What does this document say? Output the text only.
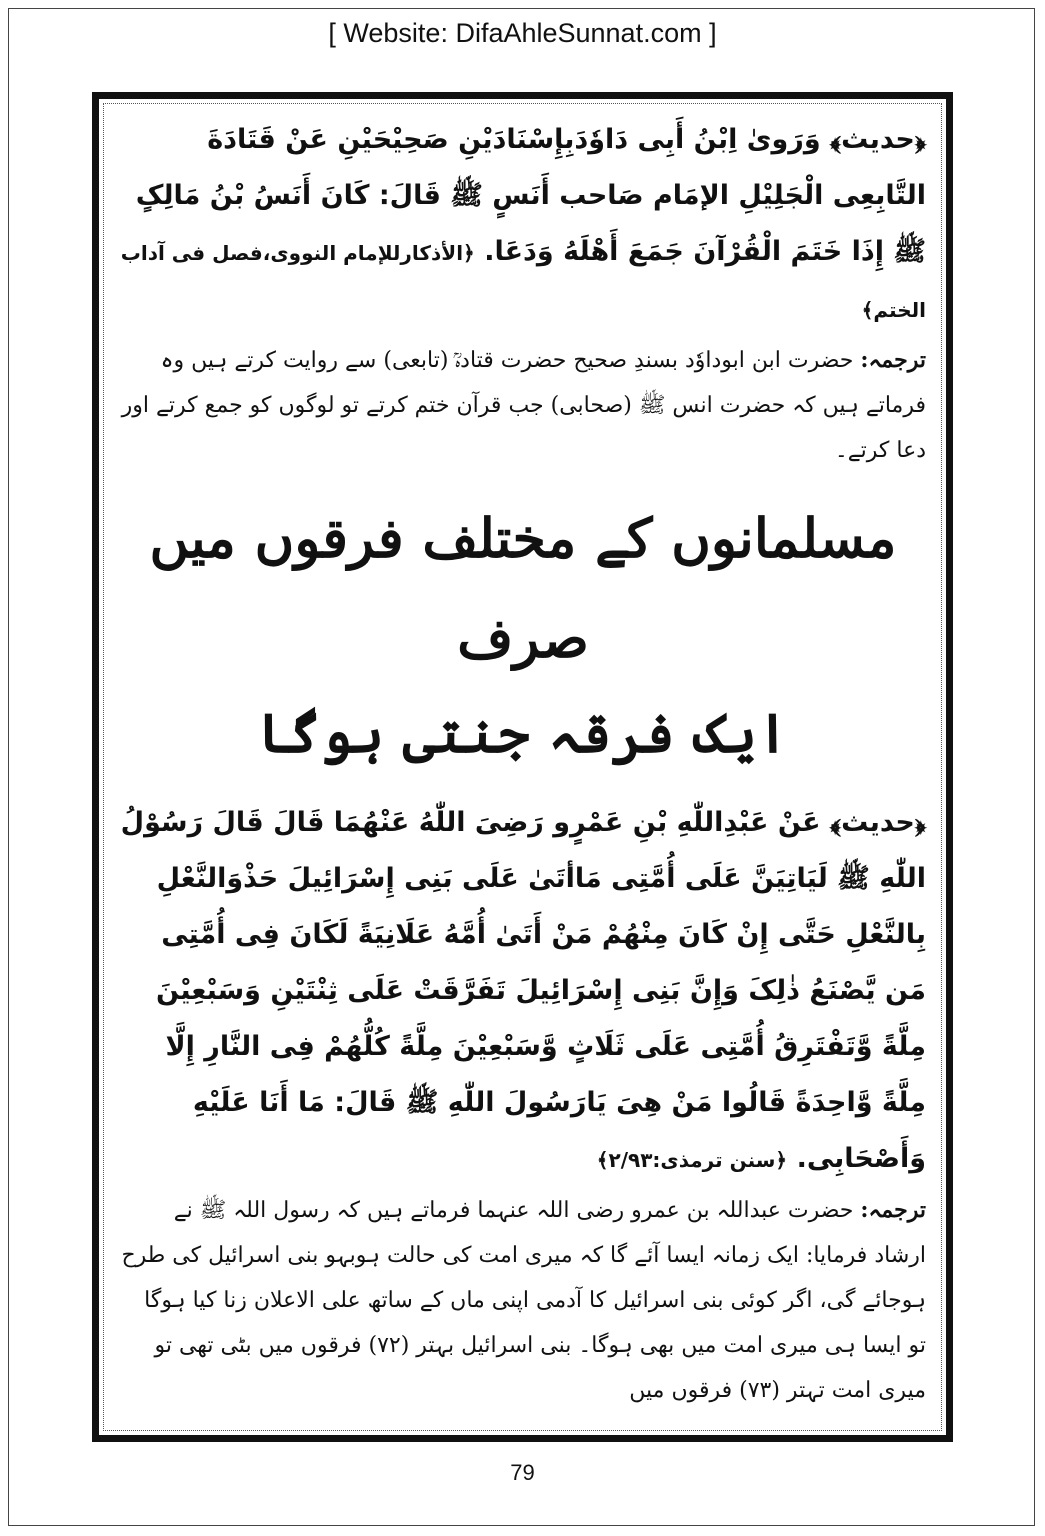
[ Website: DifaAhleSunnat.com ]

﴿حدیث﴾ وَرَوىٰ اِبْنُ أَبِی دَاوٗدَبِإِسْنَادَیْنِ صَحِیْحَیْنِ عَنْ قَتَادَةَ التَّابِعِی الْجَلِیْلِ الإمَام صَاحب أَنَسٍ ﷺ قَالَ: کَانَ أَنَسُ بْنُ مَالِکٍ ﷺ إِذَا خَتَمَ الْقُرْآنَ جَمَعَ أَهْلَهُ وَدَعَا. ﴿الأذکارللإمام النووی،فصل فی آداب الختم﴾

ترجمہ: حضرت ابن ابوداوٗد بسندِ صحیح حضرت قتادہؒ (تابعی) سے روایت کرتے ہیں وہ فرماتے ہیں کہ حضرت انس ﷺ (صحابی) جب قرآن ختم کرتے تو لوگوں کو جمع کرتے اور دعا کرتے۔

مسلمانوں کے مختلف فرقوں میں
صرف
ایک فرقہ جنتی ہوگا

﴿حدیث﴾ عَنْ عَبْدِاللّٰهِ بْنِ عَمْرٍو رَضِیَ اللّٰهُ عَنْهُمَا قَالَ قَالَ رَسُوْلُ اللّٰهِ ﷺ لَیَاتِیَنَّ عَلَی أُمَّتِی مَاأتَیٰ عَلَی بَنِی إِسْرَائِیلَ حَذْوَالنَّعْلِ بِالنَّعْلِ حَتَّی إِنْ کَانَ مِنْهُمْ مَنْ أَتَیٰ أُمَّهُ عَلَانِیَةً لَکَانَ فِی أُمَّتِی مَن یَّصْنَعُ ذٰلِکَ وَإِنَّ بَنِی إِسْرَائِیلَ تَفَرَّقَتْ عَلَی ثِنْتَیْنِ وَسَبْعِیْنَ مِلَّةً وَّتَفْتَرِقُ أُمَّتِی عَلَی ثَلَاثٍ وَّسَبْعِیْنَ مِلَّةً کُلُّهُمْ فِی النَّارِ إِلَّا مِلَّةً وَّاحِدَةً قَالُوا مَنْ هِیَ یَارَسُولَ اللّٰهِ ﷺ قَالَ: مَا أَنَا عَلَیْهِ وَأَصْحَابِی. ﴿سنن ترمذی:۲/۹۳﴾

ترجمہ: حضرت عبداللہ بن عمرو رضی اللہ عنہما فرماتے ہیں کہ رسول اللہ ﷺ نے ارشاد فرمایا: ایک زمانہ ایسا آئے گا کہ میری امت کی حالت ہوبہو بنی اسرائیل کی طرح ہوجائے گی، اگر کوئی بنی اسرائیل کا آدمی اپنی ماں کے ساتھ علی الاعلان زنا کیا ہوگا تو ایسا ہی میری امت میں بھی ہوگا۔ بنی اسرائیل بہتر (۷۲) فرقوں میں بٹی تھی تو میری امت تہتر (۷۳) فرقوں میں

79
